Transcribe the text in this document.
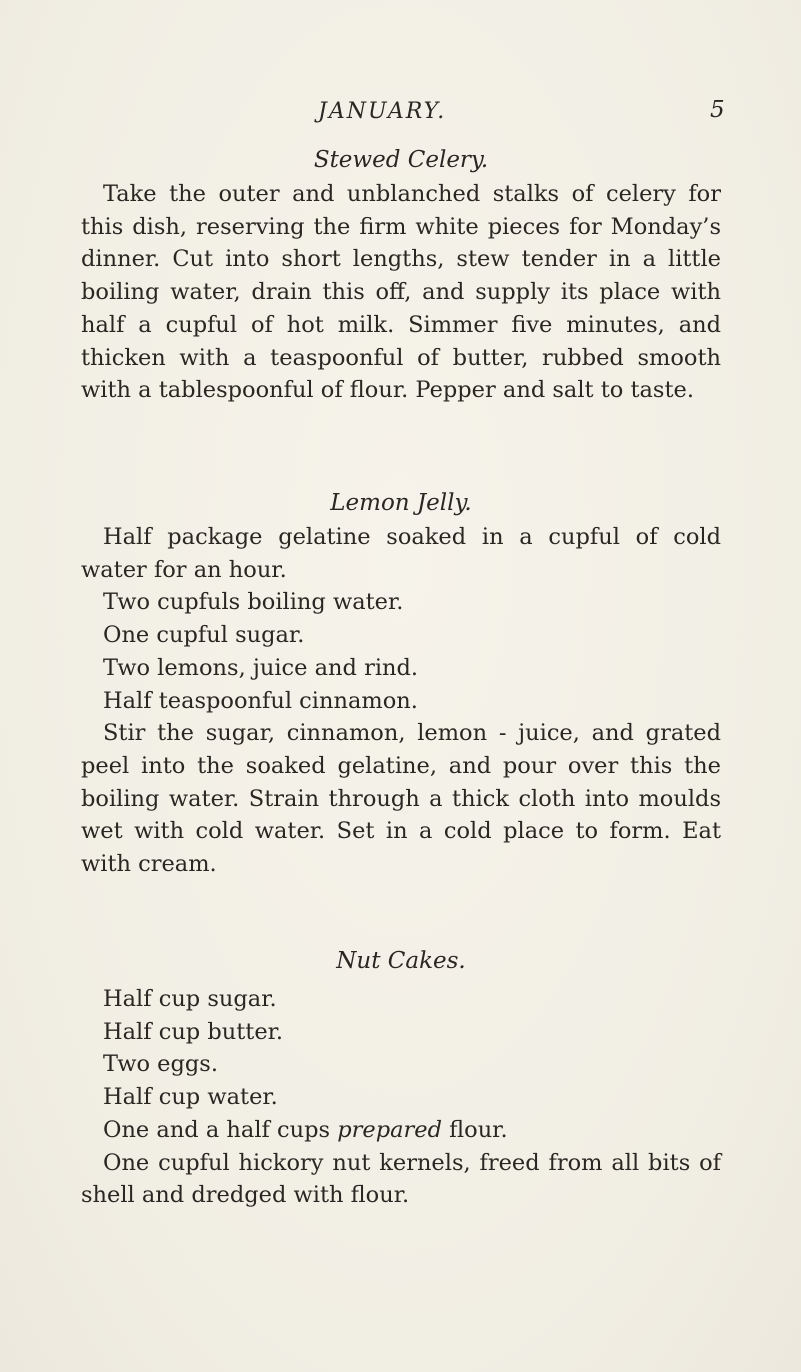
JANUARY.	5
Stewed Celery.

Take the outer and unblanched stalks of celery for this dish, reserving the firm white pieces for Monday’s dinner. Cut into short lengths, stew tender in a little boiling water, drain this off, and supply its place with half a cupful of hot milk. Simmer five minutes, and thicken with a teaspoonful of butter, rubbed smooth with a tablespoonful of flour. Pepper and salt to taste.

Lemon Jelly.

Half package gelatine soaked in a cupful of cold water for an hour.

Two cupfuls boiling water.

One cupful sugar.

Two lemons, juice and rind.

Half teaspoonful cinnamon.

Stir the sugar, cinnamon, lemon - juice, and grated peel into the soaked gelatine, and pour over this the boiling water. Strain through a thick cloth into moulds wet with cold water. Set in a cold place to form. Eat with cream.

Nut Cakes.

Half cup sugar.

Half cup butter.

Two eggs.

Half cup water.

One and a half cups prepared flour.

One cupful hickory nut kernels, freed from all bits of shell and dredged with flour.
